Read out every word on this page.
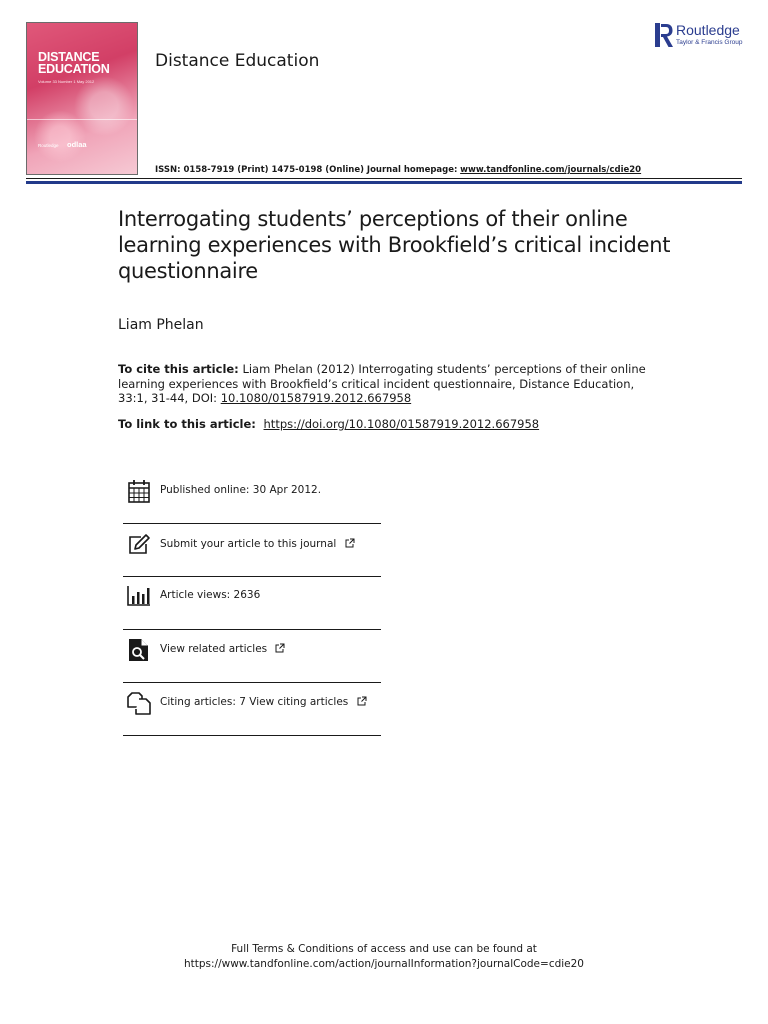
DISTANCE
EDUCATION
Volume 33 Number 1 May 2012
Routledge odlaa
Distance Education
Routledge
Taylor & Francis Group
ISSN: 0158-7919 (Print) 1475-0198 (Online) Journal homepage: www.tandfonline.com/journals/cdie20
Interrogating students’ perceptions of their online learning experiences with Brookfield’s critical incident questionnaire
Liam Phelan
To cite this article: Liam Phelan (2012) Interrogating students’ perceptions of their online learning experiences with Brookfield’s critical incident questionnaire, Distance Education, 33:1, 31-44, DOI: 10.1080/01587919.2012.667958
To link to this article: https://doi.org/10.1080/01587919.2012.667958
Published online: 30 Apr 2012.
Submit your article to this journal
Article views: 2636
View related articles
Citing articles: 7 View citing articles
Full Terms & Conditions of access and use can be found at
https://www.tandfonline.com/action/journalInformation?journalCode=cdie20
